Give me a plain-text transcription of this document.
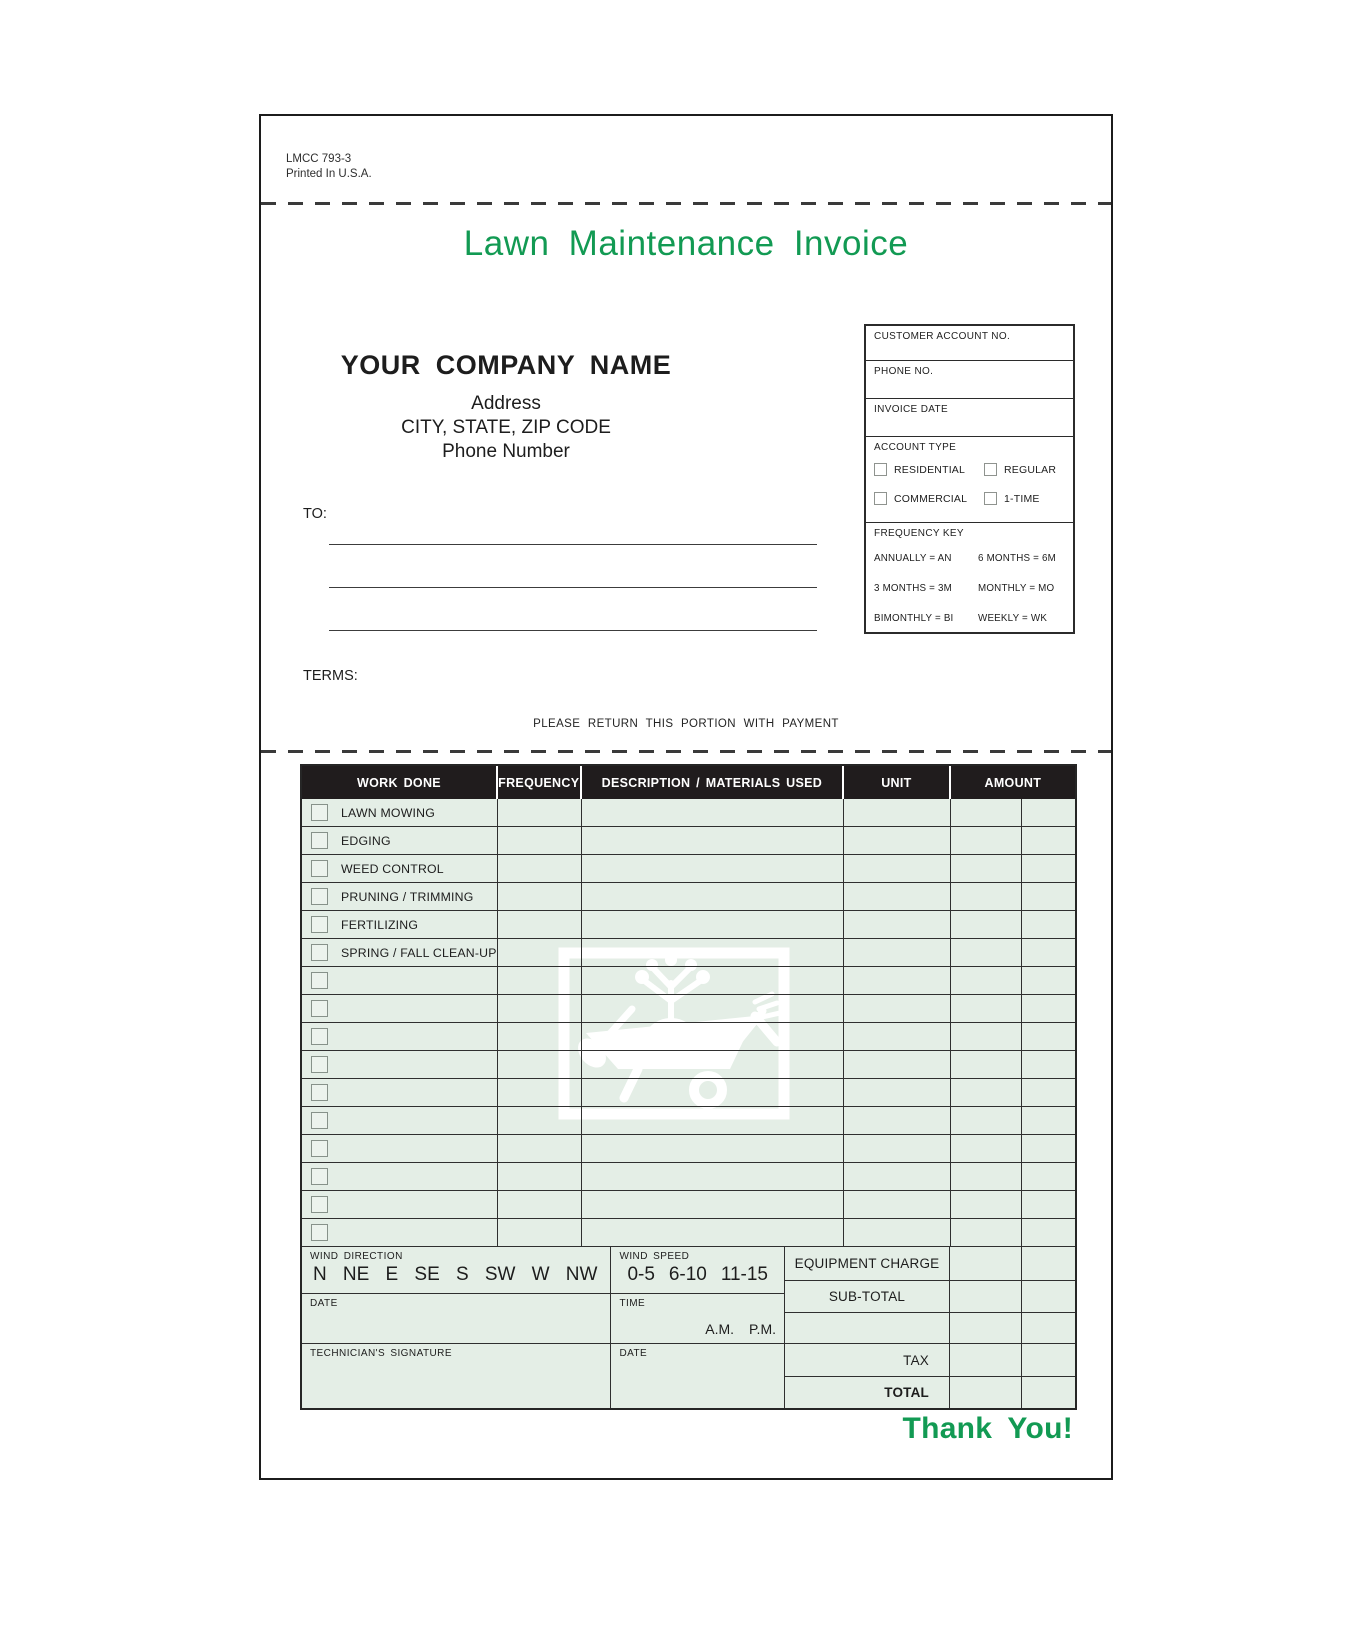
LMCC 793-3
Printed In U.S.A.
Lawn Maintenance Invoice
YOUR COMPANY NAME
Address
CITY, STATE, ZIP CODE
Phone Number
TO:
TERMS:
PLEASE RETURN THIS PORTION WITH PAYMENT
CUSTOMER ACCOUNT NO.
PHONE NO.
INVOICE DATE
ACCOUNT TYPE
RESIDENTIAL	REGULAR
COMMERCIAL	1-TIME
FREQUENCY KEY
ANNUALLY = AN	6 MONTHS = 6M
3 MONTHS = 3M	MONTHLY = MO
BIMONTHLY = BI	WEEKLY = WK
WORK DONE	FREQUENCY	DESCRIPTION / MATERIALS USED	UNIT	AMOUNT
LAWN MOWING
EDGING
WEED CONTROL
PRUNING / TRIMMING
FERTILIZING
SPRING / FALL CLEAN-UP
WIND DIRECTION
N NE E SE S SW W NW
DATE
TECHNICIAN'S SIGNATURE
WIND SPEED
0-5 6-10 11-15
TIME
A.M. P.M.
DATE
EQUIPMENT CHARGE
SUB-TOTAL
TAX
TOTAL
Thank You!
